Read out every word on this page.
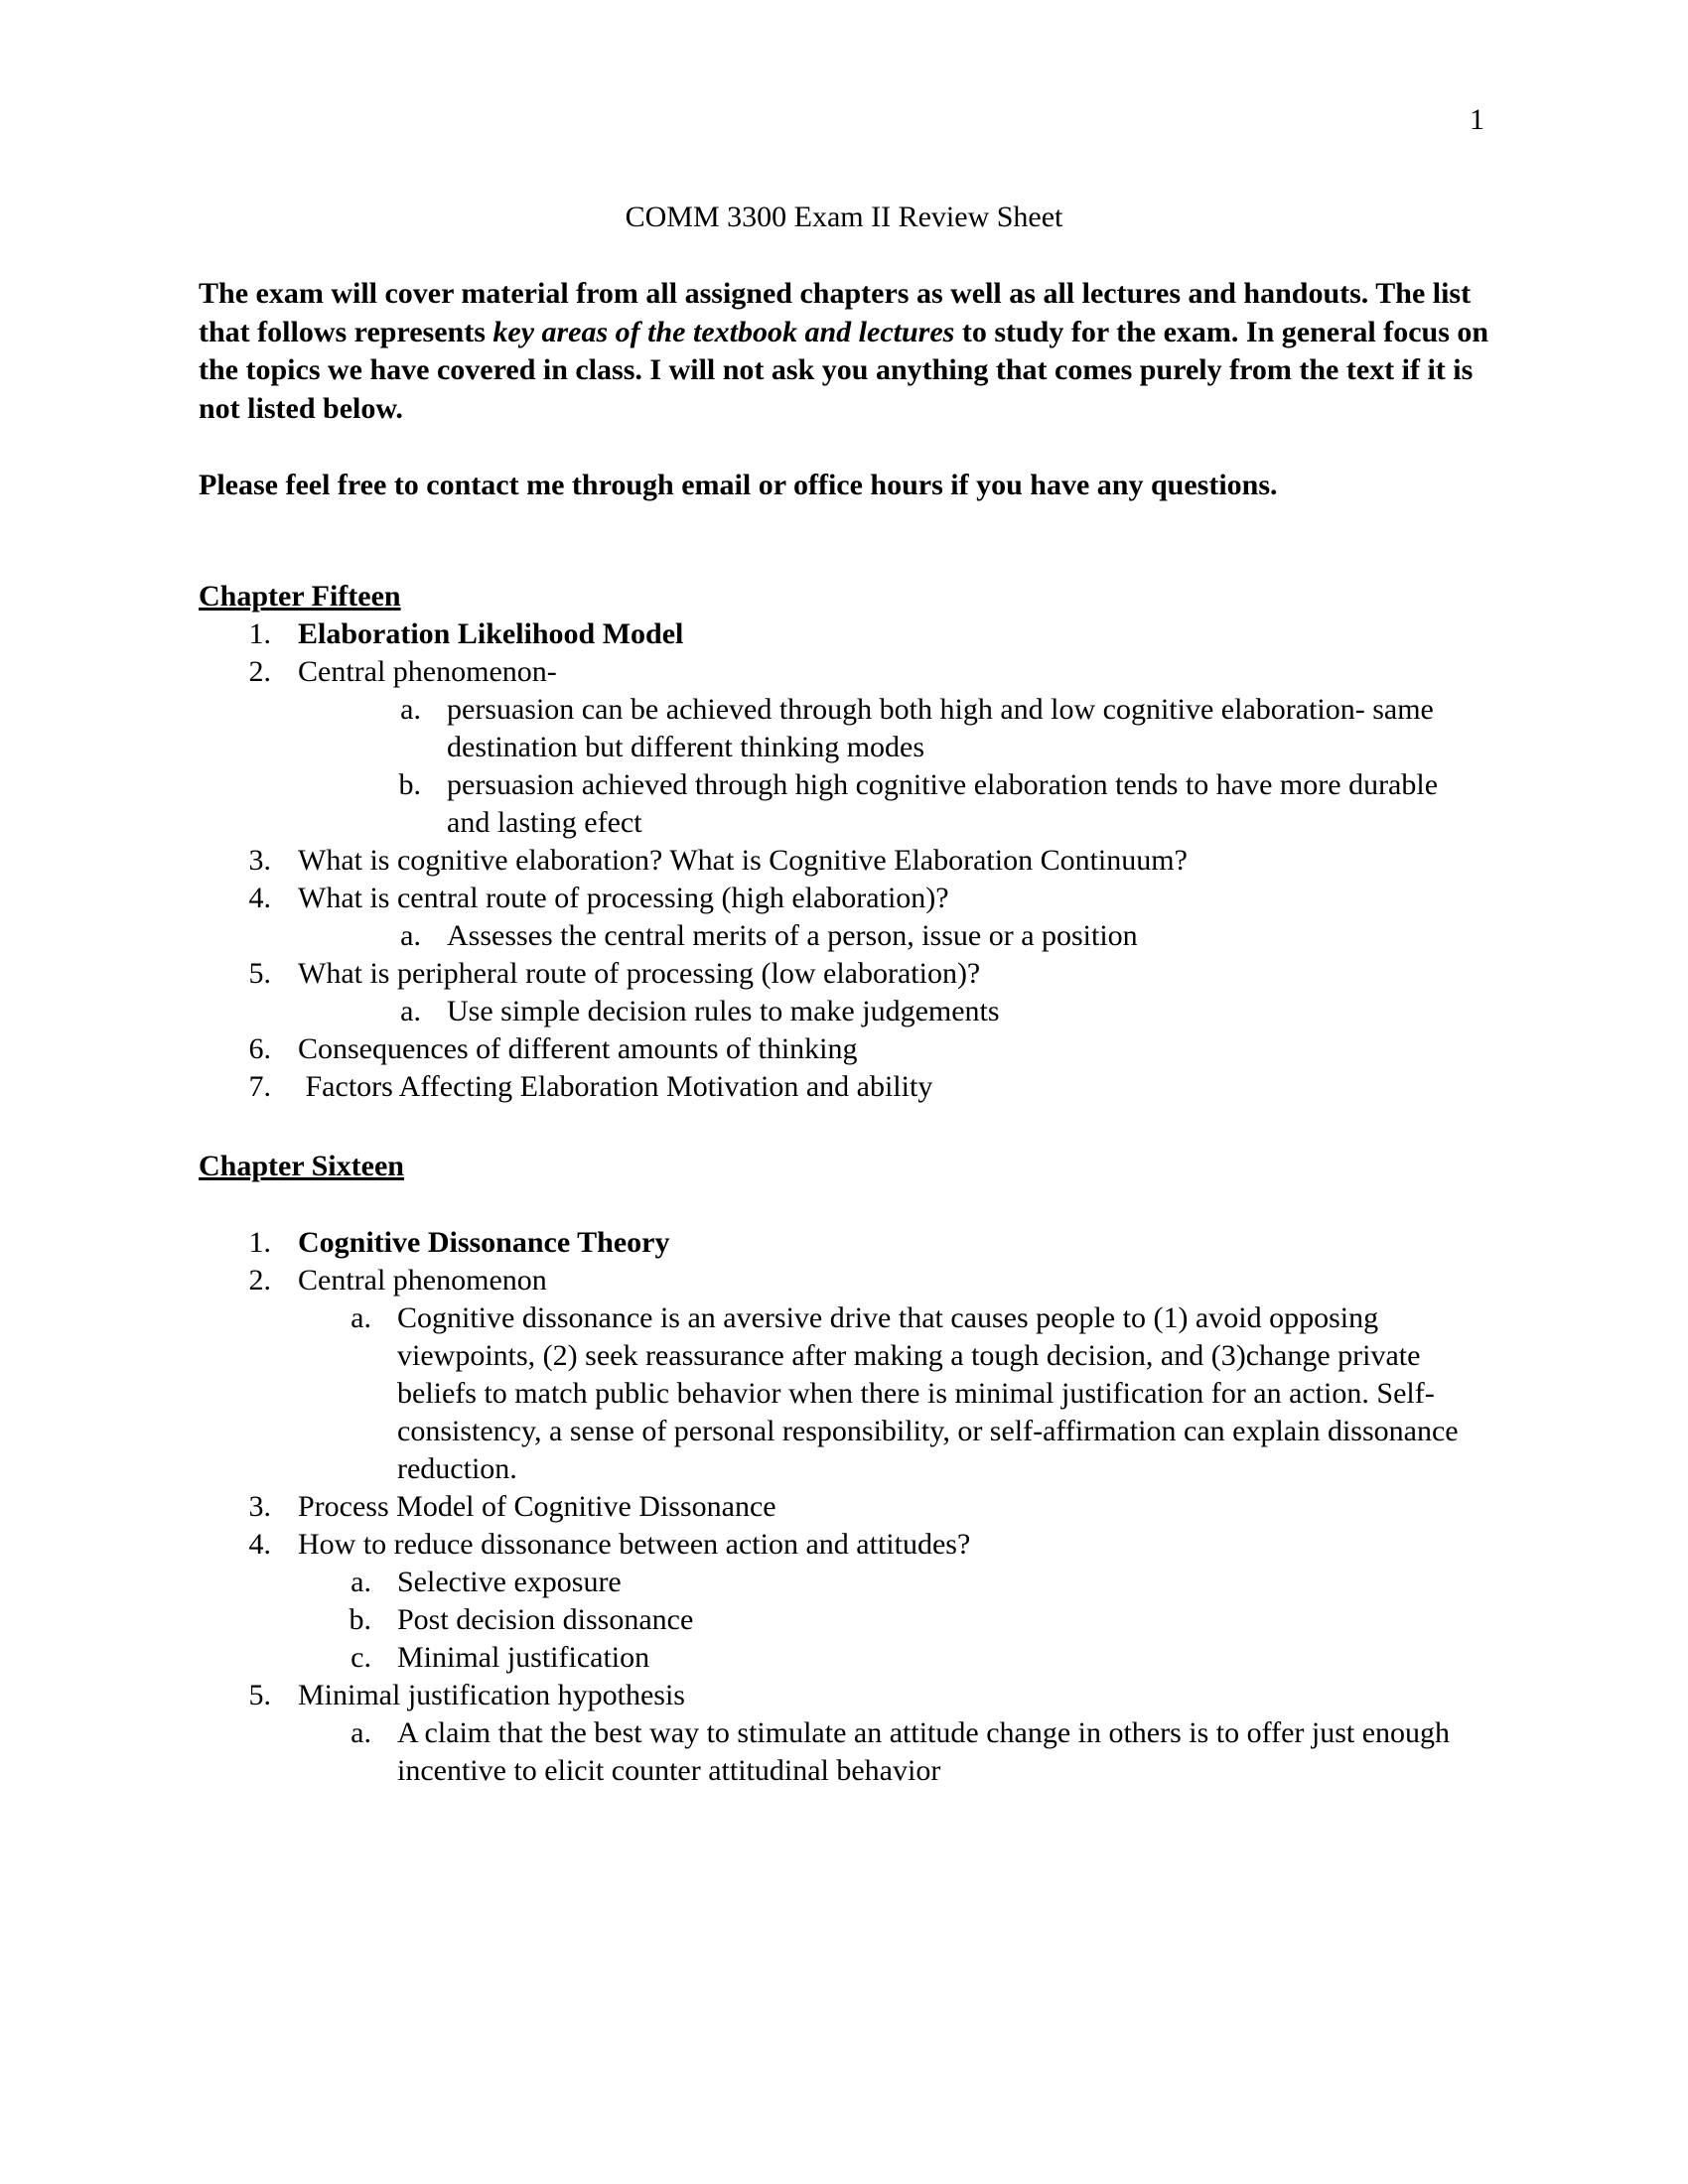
1
COMM 3300 Exam II Review Sheet

The exam will cover material from all assigned chapters as well as all lectures and handouts. The list that follows represents key areas of the textbook and lectures to study for the exam. In general focus on the topics we have covered in class. I will not ask you anything that comes purely from the text if it is not listed below.

Please feel free to contact me through email or office hours if you have any questions.

Chapter Fifteen
1. Elaboration Likelihood Model
2. Central phenomenon-
a. persuasion can be achieved through both high and low cognitive elaboration- same destination but different thinking modes
b. persuasion achieved through high cognitive elaboration tends to have more durable and lasting efect
3. What is cognitive elaboration? What is Cognitive Elaboration Continuum?
4. What is central route of processing (high elaboration)?
a. Assesses the central merits of a person, issue or a position
5. What is peripheral route of processing (low elaboration)?
a. Use simple decision rules to make judgements
6. Consequences of different amounts of thinking
7. Factors Affecting Elaboration Motivation and ability
Chapter Sixteen
1. Cognitive Dissonance Theory
2. Central phenomenon
a. Cognitive dissonance is an aversive drive that causes people to (1) avoid opposing viewpoints, (2) seek reassurance after making a tough decision, and (3)change private beliefs to match public behavior when there is minimal justification for an action. Self-consistency, a sense of personal responsibility, or self-affirmation can explain dissonance reduction.
3. Process Model of Cognitive Dissonance
4. How to reduce dissonance between action and attitudes?
a. Selective exposure
b. Post decision dissonance
c. Minimal justification
5. Minimal justification hypothesis
a. A claim that the best way to stimulate an attitude change in others is to offer just enough incentive to elicit counter attitudinal behavior
